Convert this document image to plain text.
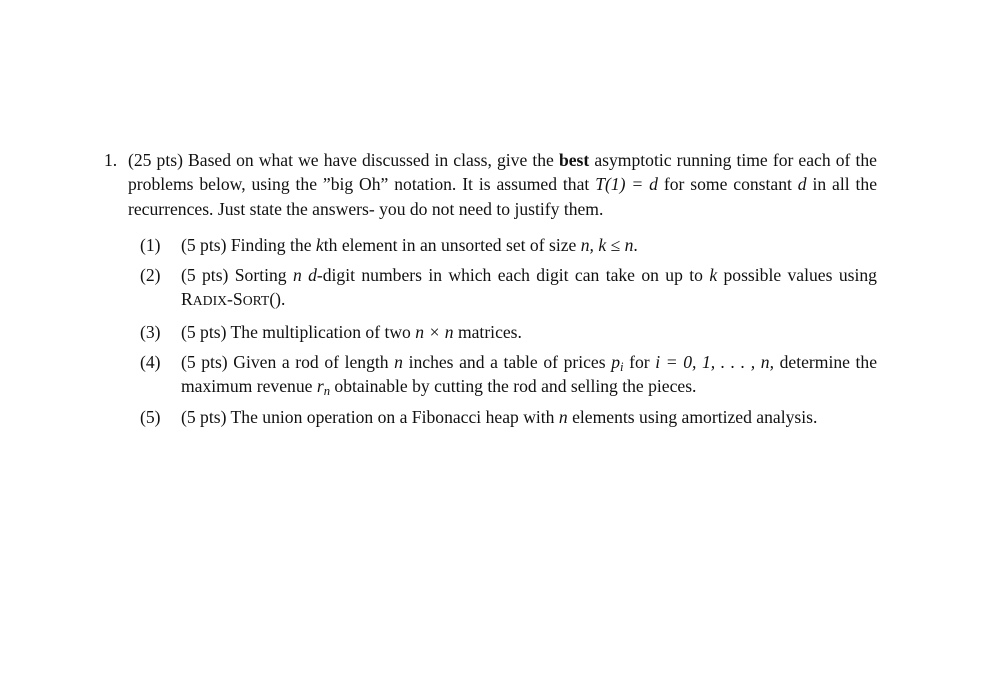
1. (25 pts) Based on what we have discussed in class, give the best asymptotic running time for each of the problems below, using the ”big Oh” notation. It is assumed that T(1) = d for some constant d in all the recurrences. Just state the answers- you do not need to justify them.

(1) (5 pts) Finding the kth element in an unsorted set of size n, k ≤ n.
(2) (5 pts) Sorting n d-digit numbers in which each digit can take on up to k possible values using RADIX-SORT().
(3) (5 pts) The multiplication of two n × n matrices.
(4) (5 pts) Given a rod of length n inches and a table of prices $p_i$ for i = 0, 1, . . . , n, determine the maximum revenue $r_n$ obtainable by cutting the rod and selling the pieces.
(5) (5 pts) The union operation on a Fibonacci heap with n elements using amortized analysis.
